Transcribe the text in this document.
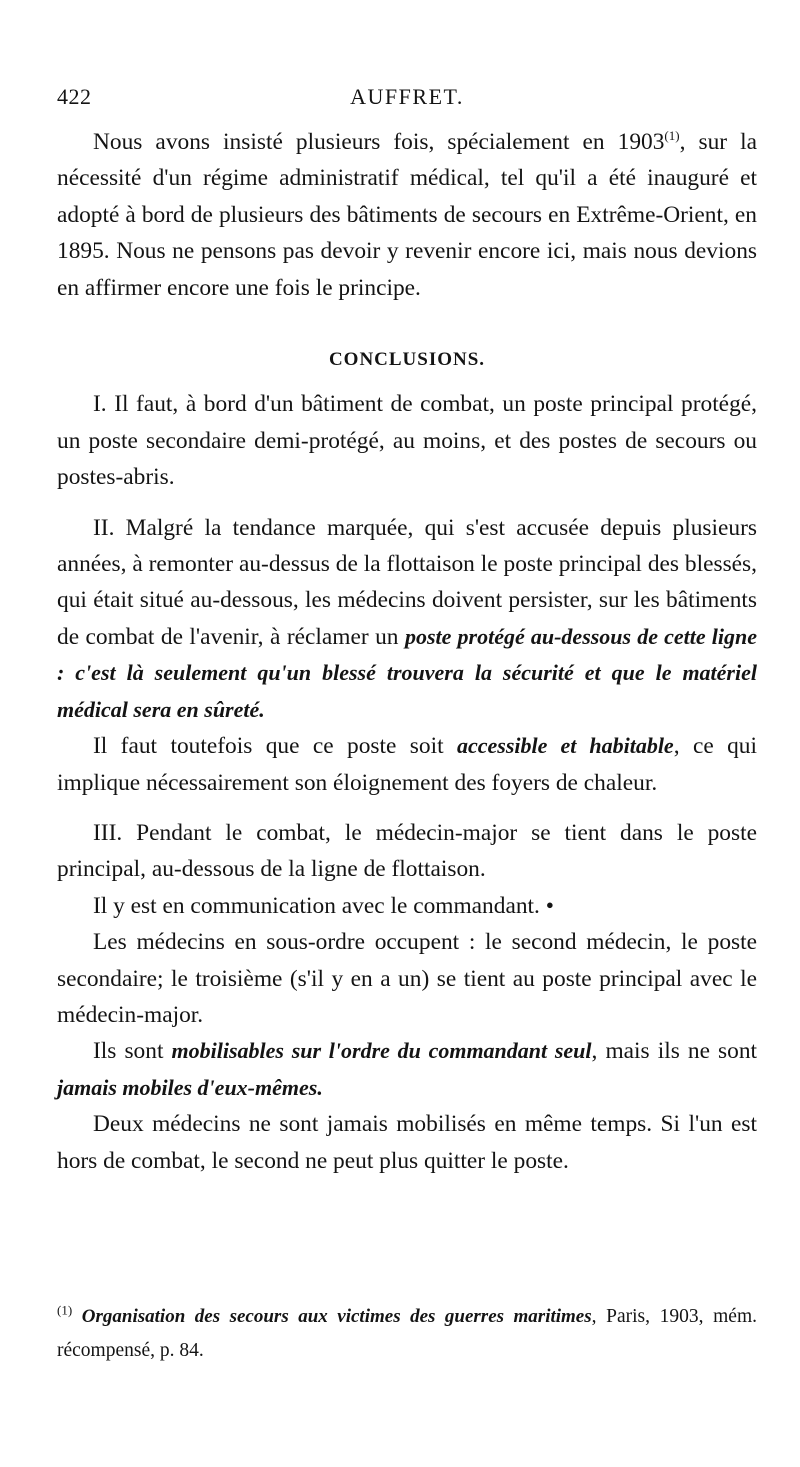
422	AUFFRET.

Nous avons insisté plusieurs fois, spécialement en 1903$^{(1)}$, sur la nécessité d'un régime administratif médical, tel qu'il a été inauguré et adopté à bord de plusieurs des bâtiments de secours en Extrême-Orient, en 1895. Nous ne pensons pas devoir y revenir encore ici, mais nous devions en affirmer encore une fois le principe.

CONCLUSIONS.

I. Il faut, à bord d'un bâtiment de combat, un poste principal protégé, un poste secondaire demi-protégé, au moins, et des postes de secours ou postes-abris.

II. Malgré la tendance marquée, qui s'est accusée depuis plusieurs années, à remonter au-dessus de la flottaison le poste principal des blessés, qui était situé au-dessous, les médecins doivent persister, sur les bâtiments de combat de l'avenir, à réclamer un poste protégé au-dessous de cette ligne : c'est là seulement qu'un blessé trouvera la sécurité et que le matériel médical sera en sûreté.

Il faut toutefois que ce poste soit accessible et habitable, ce qui implique nécessairement son éloignement des foyers de chaleur.

III. Pendant le combat, le médecin-major se tient dans le poste principal, au-dessous de la ligne de flottaison.

Il y est en communication avec le commandant. •

Les médecins en sous-ordre occupent : le second médecin, le poste secondaire; le troisième (s'il y en a un) se tient au poste principal avec le médecin-major.

Ils sont mobilisables sur l'ordre du commandant seul, mais ils ne sont jamais mobiles d'eux-mêmes.

Deux médecins ne sont jamais mobilisés en même temps. Si l'un est hors de combat, le second ne peut plus quitter le poste.

$^{(1)}$ Organisation des secours aux victimes des guerres maritimes, Paris, 1903, mém. récompensé, p. 84.
